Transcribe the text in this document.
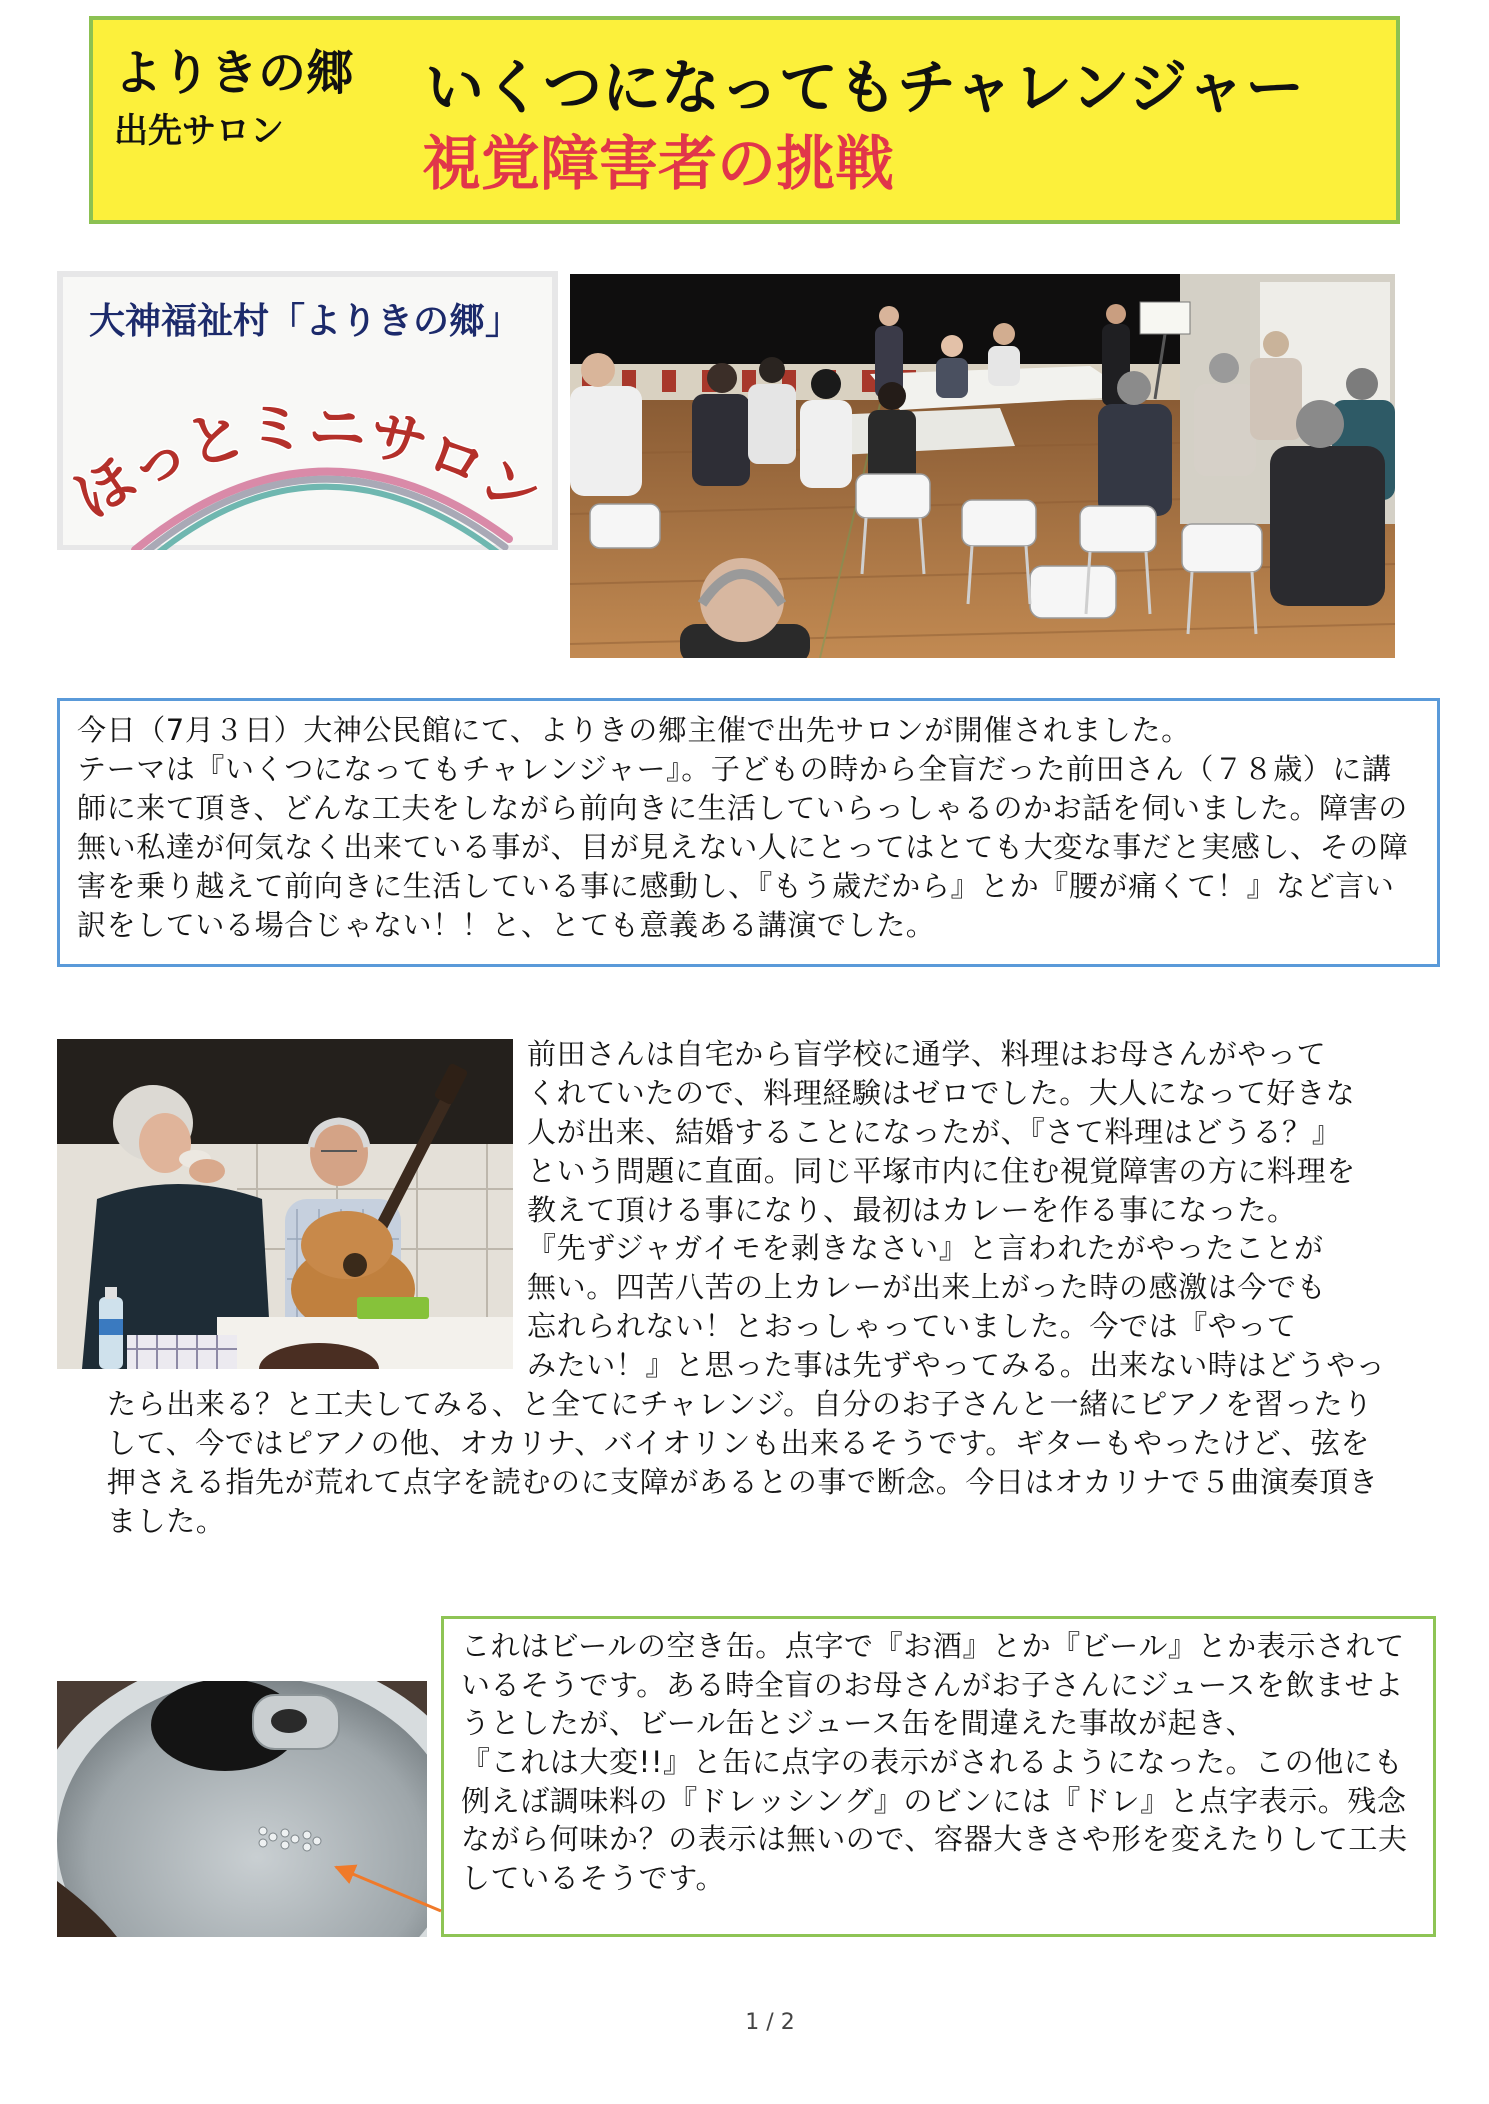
よりきの郷
出先サロン
いくつになってもチャレンジャー
視覚障害者の挑戦
大神福祉村「よりきの郷」
ほっとミニサロン
今日（7月３日）大神公民館にて、よりきの郷主催で出先サロンが開催されました。
テーマは『いくつになってもチャレンジャー』。子どもの時から全盲だった前田さん（７８歳）に講
師に来て頂き、どんな工夫をしながら前向きに生活していらっしゃるのかお話を伺いました。障害の
無い私達が何気なく出来ている事が、目が見えない人にとってはとても大変な事だと実感し、その障
害を乗り越えて前向きに生活している事に感動し、『もう歳だから』とか『腰が痛くて！』など言い
訳をしている場合じゃない！！と、とても意義ある講演でした。
前田さんは自宅から盲学校に通学、料理はお母さんがやって
くれていたので、料理経験はゼロでした。大人になって好きな
人が出来、結婚することになったが、『さて料理はどうる？』
という問題に直面。同じ平塚市内に住む視覚障害の方に料理を
教えて頂ける事になり、最初はカレーを作る事になった。
『先ずジャガイモを剥きなさい』と言われたがやったことが
無い。四苦八苦の上カレーが出来上がった時の感激は今でも
忘れられない！とおっしゃっていました。今では『やって
みたい！』と思った事は先ずやってみる。出来ない時はどうやっ
たら出来る？と工夫してみる、と全てにチャレンジ。自分のお子さんと一緒にピアノを習ったり
して、今ではピアノの他、オカリナ、バイオリンも出来るそうです。ギターもやったけど、弦を
押さえる指先が荒れて点字を読むのに支障があるとの事で断念。今日はオカリナで５曲演奏頂き
ました。
これはビールの空き缶。点字で『お酒』とか『ビール』とか表示されて
いるそうです。ある時全盲のお母さんがお子さんにジュースを飲ませよ
うとしたが、ビール缶とジュース缶を間違えた事故が起き、
『これは大変!!』と缶に点字の表示がされるようになった。この他にも
例えば調味料の『ドレッシング』のビンには『ドレ』と点字表示。残念
ながら何味か？の表示は無いので、容器大きさや形を変えたりして工夫
しているそうです。
1 / 2
